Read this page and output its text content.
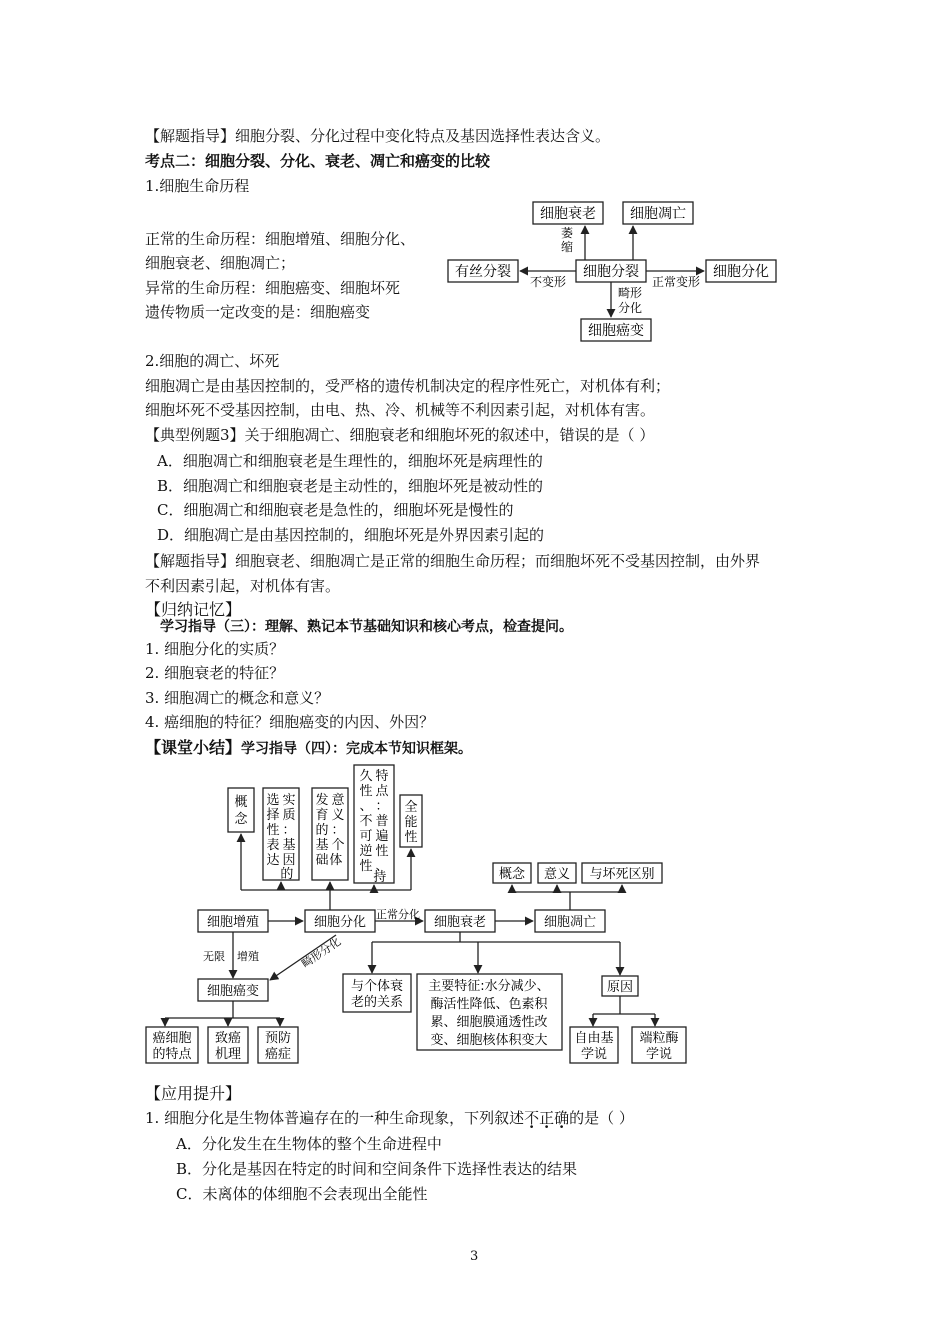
【解题指导】细胞分裂、分化过程中变化特点及基因选择性表达含义。
考点二：细胞分裂、分化、衰老、凋亡和癌变的比较
1.细胞生命历程
正常的生命历程：细胞增殖、细胞分化、
细胞衰老、细胞凋亡；
异常的生命历程：细胞癌变、细胞坏死
遗传物质一定改变的是：细胞癌变
细胞衰老 细胞凋亡
有丝分裂	细胞分裂	细胞分化
细胞癌变
萎
缩
不变形	正常变形
畸形
分化
2.细胞的凋亡、坏死
细胞凋亡是由基因控制的，受严格的遗传机制决定的程序性死亡，对机体有利；
细胞坏死不受基因控制，由电、热、冷、机械等不利因素引起，对机体有害。
【典型例题3】关于细胞凋亡、细胞衰老和细胞坏死的叙述中，错误的是（ ）
A．细胞凋亡和细胞衰老是生理性的，细胞坏死是病理性的
B．细胞凋亡和细胞衰老是主动性的，细胞坏死是被动性的
C．细胞凋亡和细胞衰老是急性的，细胞坏死是慢性的
D．细胞凋亡是由基因控制的，细胞坏死是外界因素引起的
【解题指导】细胞衰老、细胞凋亡是正常的细胞生命历程；而细胞坏死不受基因控制，由外界
不利因素引起，对机体有害。
【归纳记忆】
学习指导（三）：理解、熟记本节基础知识和核心考点，检查提问。
1. 细胞分化的实质？
2. 细胞衰老的特征？
3. 细胞凋亡的概念和意义？
4. 癌细胞的特征？细胞癌变的内因、外因？
【课堂小结】学习指导（四）：完成本节知识框架。
概念
实质：基因的 选择性表达
意义：个体 发育的基础
特点：普遍性、持 久性、不可逆性
全能性
细胞增殖	细胞分化	细胞衰老	细胞凋亡
正常分化
概念 意义 与坏死区别
无限 增殖	畸形分化
细胞癌变
癌细胞
的特点
致癌
机理
预防
癌症
与个体衰
老的关系
主要特征:水分减少、
酶活性降低、色素积
累、细胞膜通透性改
变、细胞核体积变大
原因
自由基
学说
端粒酶
学说
【应用提升】
1. 细胞分化是生物体普遍存在的一种生命现象，下列叙述不正确的是（ ）
A．分化发生在生物体的整个生命进程中
B．分化是基因在特定的时间和空间条件下选择性表达的结果
C．未离体的体细胞不会表现出全能性
3
